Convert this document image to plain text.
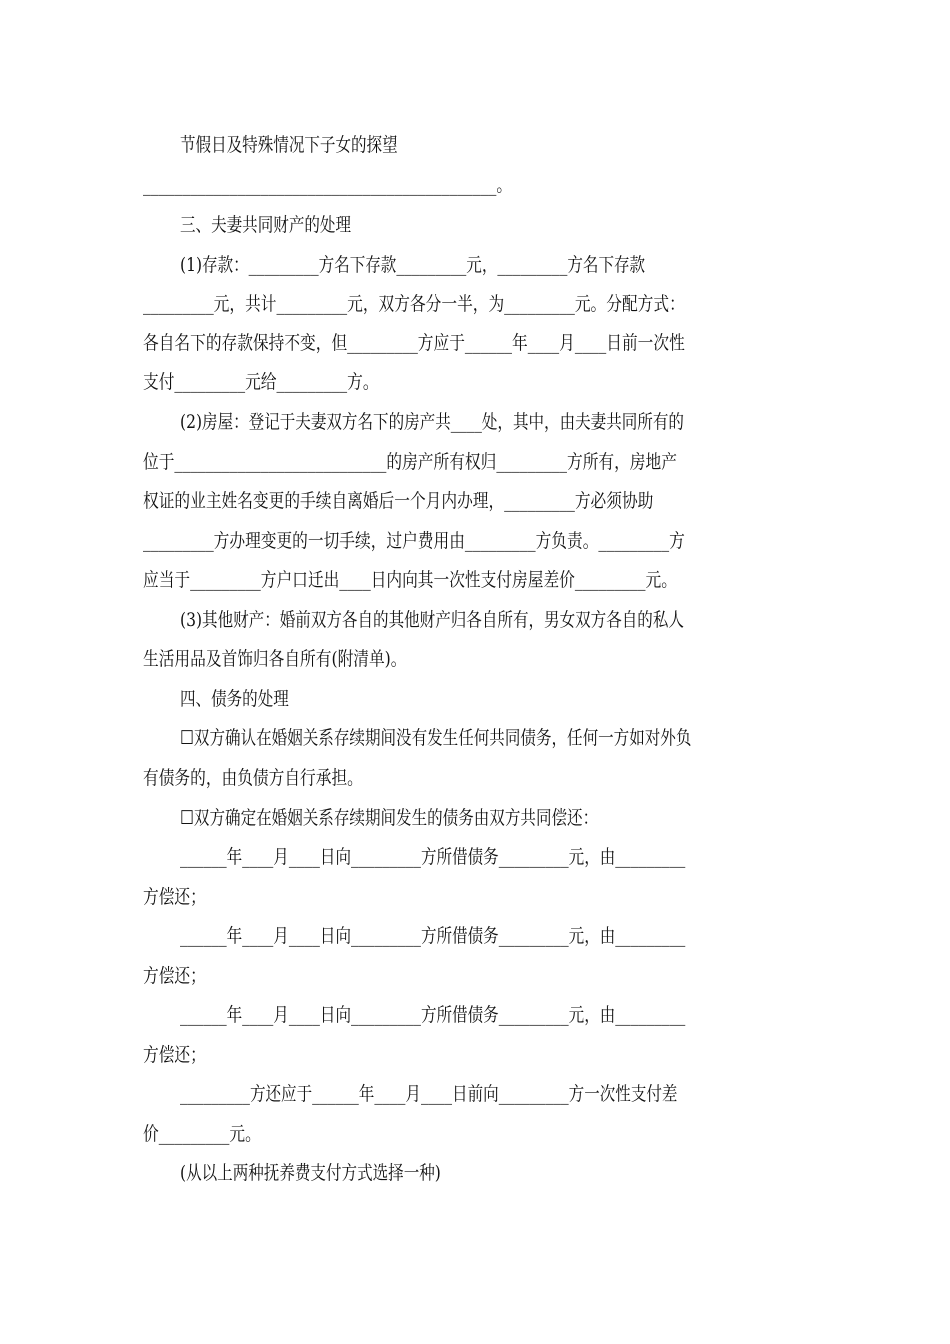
节假日及特殊情况下子女的探望
_____________________________________________。
三、夫妻共同财产的处理
(1)存款：_________方名下存款_________元，_________方名下存款
_________元，共计_________元，双方各分一半，为_________元。分配方式：
各自名下的存款保持不变，但_________方应于______年____月____日前一次性
支付_________元给_________方。
(2)房屋：登记于夫妻双方名下的房产共____处，其中，由夫妻共同所有的
位于___________________________的房产所有权归_________方所有，房地产
权证的业主姓名变更的手续自离婚后一个月内办理，_________方必须协助
_________方办理变更的一切手续，过户费用由_________方负责。_________方
应当于_________方户口迁出____日内向其一次性支付房屋差价_________元。
(3)其他财产：婚前双方各自的其他财产归各自所有，男女双方各自的私人
生活用品及首饰归各自所有(附清单)。
四、债务的处理
☐双方确认在婚姻关系存续期间没有发生任何共同债务，任何一方如对外负
有债务的，由负债方自行承担。
☐双方确定在婚姻关系存续期间发生的债务由双方共同偿还：
______年____月____日向_________方所借债务_________元，由_________
方偿还；
______年____月____日向_________方所借债务_________元，由_________
方偿还；
______年____月____日向_________方所借债务_________元，由_________
方偿还；
_________方还应于______年____月____日前向_________方一次性支付差
价_________元。
(从以上两种抚养费支付方式选择一种)
